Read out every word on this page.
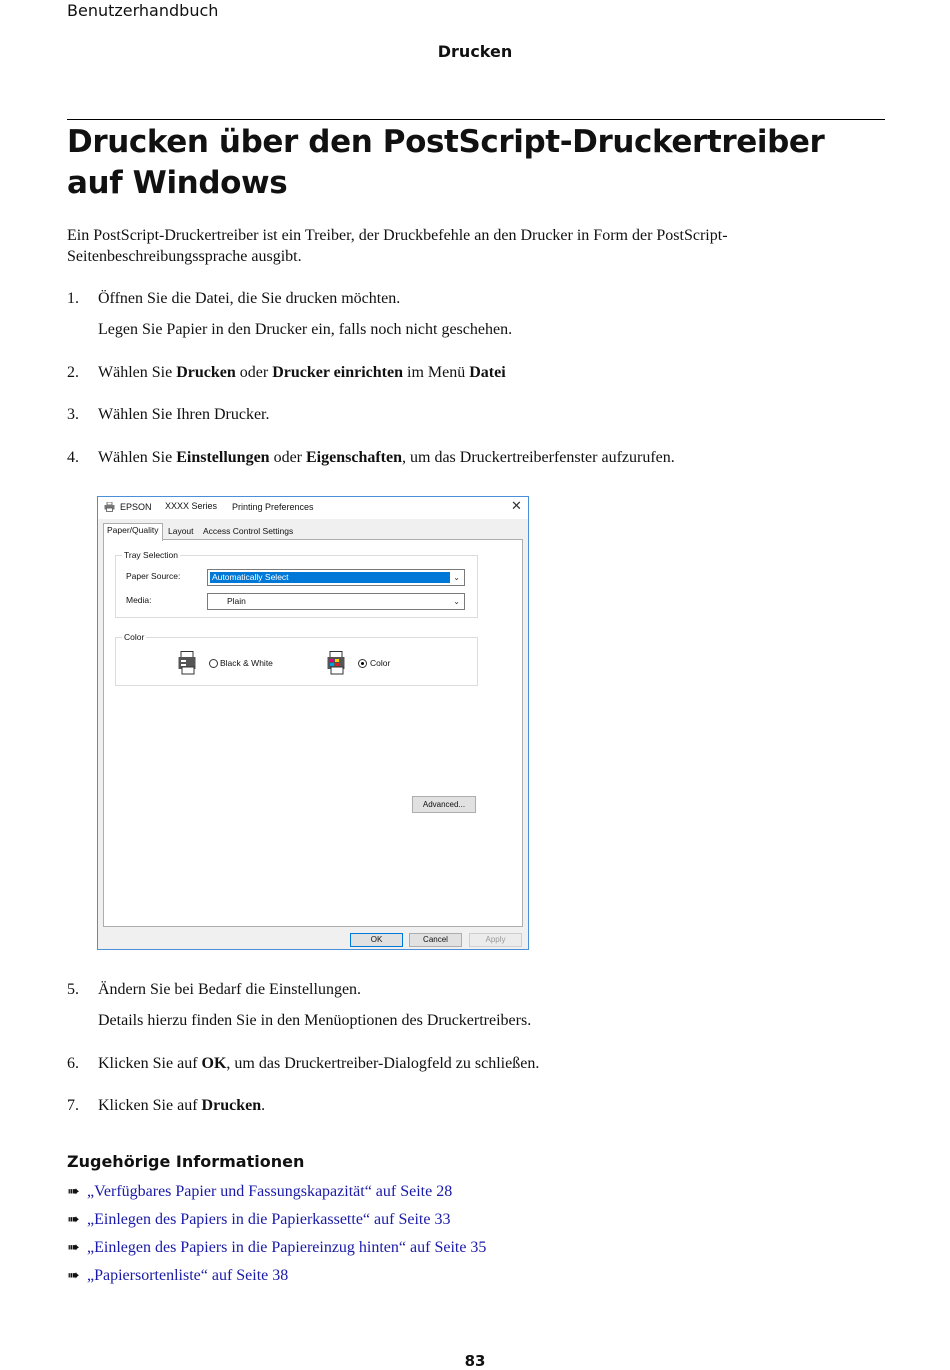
Benutzerhandbuch
Drucken
Drucken über den PostScript-Druckertreiber auf Windows

Ein PostScript-Druckertreiber ist ein Treiber, der Druckbefehle an den Drucker in Form der PostScript-Seitenbeschreibungssprache ausgibt.

1. Öffnen Sie die Datei, die Sie drucken möchten.
Legen Sie Papier in den Drucker ein, falls noch nicht geschehen.
2. Wählen Sie Drucken oder Drucker einrichten im Menü Datei
3. Wählen Sie Ihren Drucker.
4. Wählen Sie Einstellungen oder Eigenschaften, um das Druckertreiberfenster aufzurufen.
EPSON XXXX Series Printing Preferences	✕
Paper/Quality	Layout	Access Control Settings
Tray Selection
Paper Source:	Automatically Select	⌄
Media:	Plain	⌄
Color
Black & White	Color
Advanced...
OK	Cancel	Apply
5. Ändern Sie bei Bedarf die Einstellungen.
Details hierzu finden Sie in den Menüoptionen des Druckertreibers.
6. Klicken Sie auf OK, um das Druckertreiber-Dialogfeld zu schließen.
7. Klicken Sie auf Drucken.
Zugehörige Informationen
➠ „Verfügbares Papier und Fassungskapazität“ auf Seite 28
➠ „Einlegen des Papiers in die Papierkassette“ auf Seite 33
➠ „Einlegen des Papiers in die Papiereinzug hinten“ auf Seite 35
➠ „Papiersortenliste“ auf Seite 38
83
